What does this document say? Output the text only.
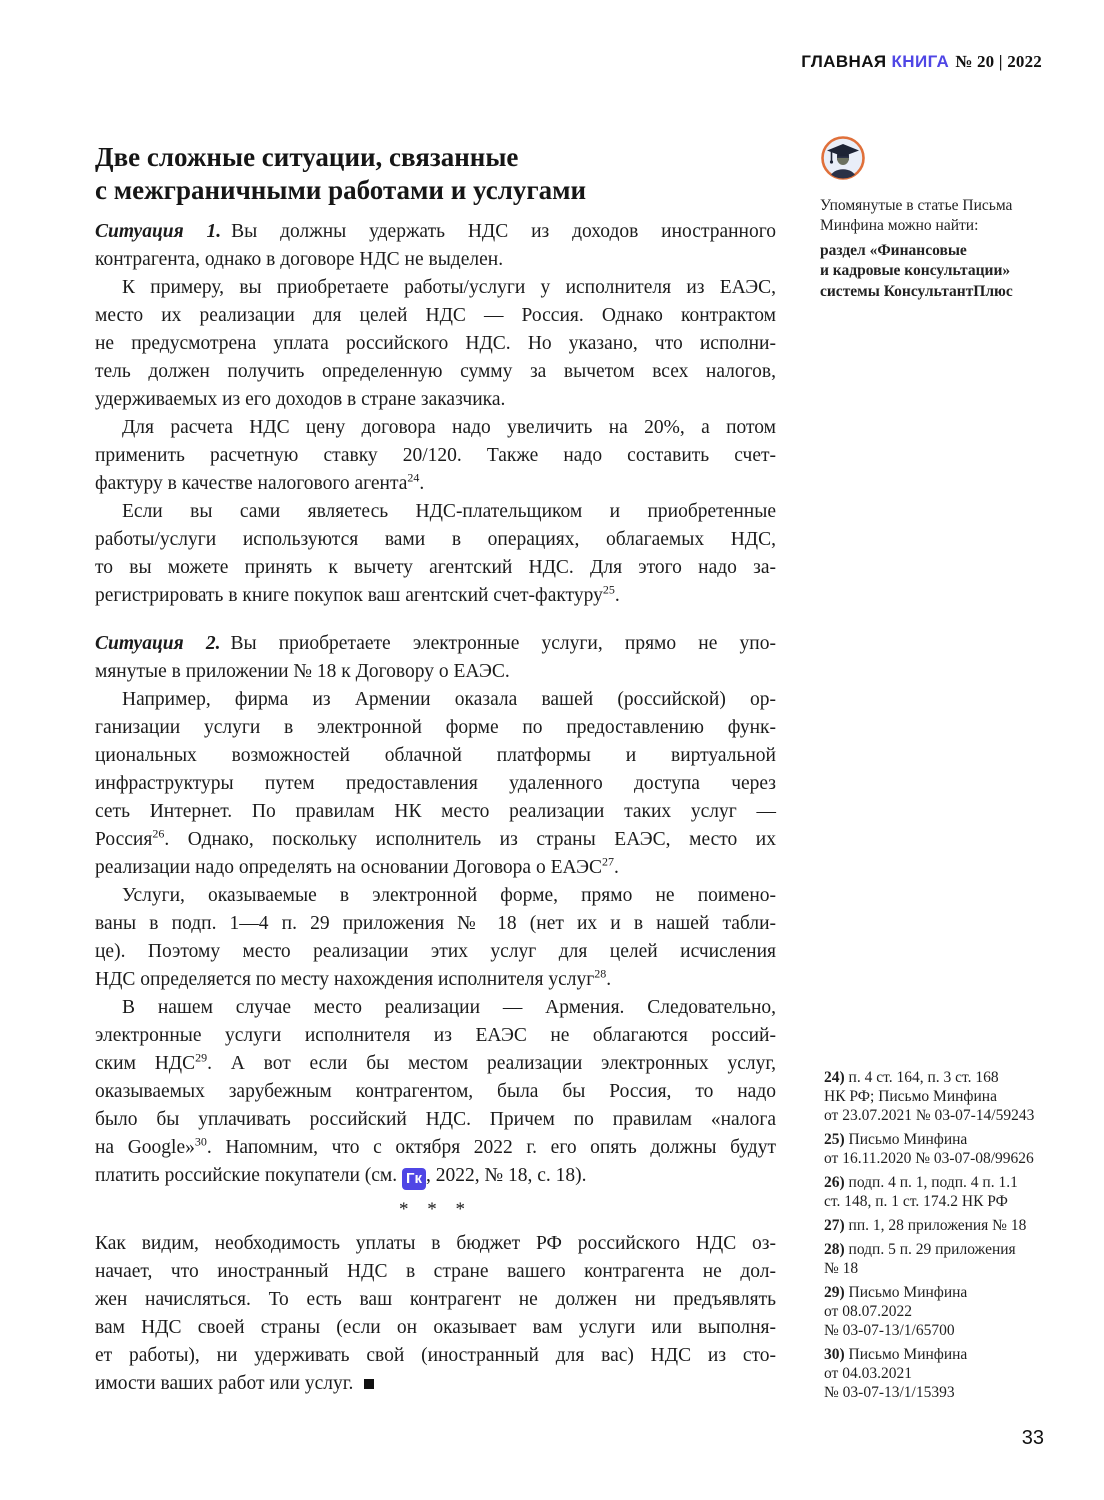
ГЛАВНАЯ КНИГА № 20 | 2022
Две сложные ситуации, связанные
с межграничными работами и услугами
Ситуация 1. Вы должны удержать НДС из доходов иностранного
контрагента, однако в договоре НДС не выделен.
К примеру, вы приобретаете работы/услуги у исполнителя из ЕАЭС,
место их реализации для целей НДС — Россия. Однако контрактом
не предусмотрена уплата российского НДС. Но указано, что исполни-
тель должен получить определенную сумму за вычетом всех налогов,
удерживаемых из его доходов в стране заказчика.
Для расчета НДС цену договора надо увеличить на 20%, а потом
применить расчетную ставку 20/120. Также надо составить счет-
фактуру в качестве налогового агента$^{24}$.
Если вы сами являетесь НДС-плательщиком и приобретенные
работы/услуги используются вами в операциях, облагаемых НДС,
то вы можете принять к вычету агентский НДС. Для этого надо за-
регистрировать в книге покупок ваш агентский счет-фактуру$^{25}$.
Ситуация 2. Вы приобретаете электронные услуги, прямо не упо-
мянутые в приложении № 18 к Договору о ЕАЭС.
Например, фирма из Армении оказала вашей (российской) ор-
ганизации услуги в электронной форме по предоставлению функ-
циональных возможностей облачной платформы и виртуальной
инфраструктуры путем предоставления удаленного доступа через
сеть Интернет. По правилам НК место реализации таких услуг —
Россия$^{26}$. Однако, поскольку исполнитель из страны ЕАЭС, место их
реализации надо определять на основании Договора о ЕАЭС$^{27}$.
Услуги, оказываемые в электронной форме, прямо не поимено-
ваны в подп. 1—4 п. 29 приложения № 18 (нет их и в нашей табли-
це). Поэтому место реализации этих услуг для целей исчисления
НДС определяется по месту нахождения исполнителя услуг$^{28}$.
В нашем случае место реализации — Армения. Следовательно,
электронные услуги исполнителя из ЕАЭС не облагаются россий-
ским НДС$^{29}$. А вот если бы местом реализации электронных услуг,
оказываемых зарубежным контрагентом, была бы Россия, то надо
было бы уплачивать российский НДС. Причем по правилам «налога
на Google»$^{30}$. Напомним, что с октября 2022 г. его опять должны будут
платить российские покупатели (см. Гк , 2022, № 18, с. 18).
* * *
Как видим, необходимость уплаты в бюджет РФ российского НДС оз-
начает, что иностранный НДС в стране вашего контрагента не дол-
жен начисляться. То есть ваш контрагент не должен ни предъявлять
вам НДС своей страны (если он оказывает вам услуги или выполня-
ет работы), ни удерживать свой (иностранный для вас) НДС из сто-
имости ваших работ или услуг.
Упомянутые в статье Письма
Минфина можно найти:
раздел «Финансовые
и кадровые консультации»
системы КонсультантПлюс
24) п. 4 ст. 164, п. 3 ст. 168
НК РФ; Письмо Минфина
от 23.07.2021 № 03-07-14/59243
25) Письмо Минфина
от 16.11.2020 № 03-07-08/99626
26) подп. 4 п. 1, подп. 4 п. 1.1
ст. 148, п. 1 ст. 174.2 НК РФ
27) пп. 1, 28 приложения № 18
28) подп. 5 п. 29 приложения
№ 18
29) Письмо Минфина
от 08.07.2022
№ 03-07-13/1/65700
30) Письмо Минфина
от 04.03.2021
№ 03-07-13/1/15393
33
